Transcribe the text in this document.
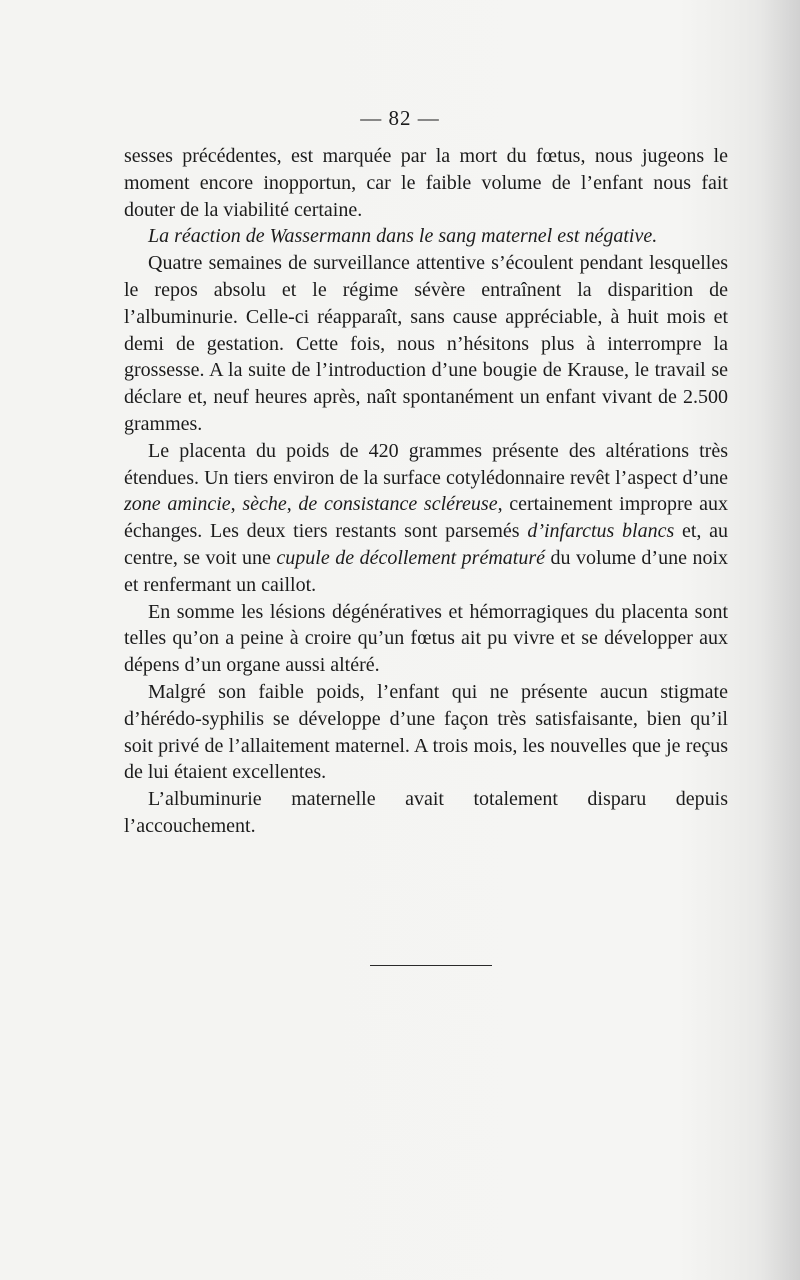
— 82 —

sesses précédentes, est marquée par la mort du fœtus, nous jugeons le moment encore inopportun, car le faible volume de l’enfant nous fait douter de la viabilité certaine.

La réaction de Wassermann dans le sang maternel est négative.

Quatre semaines de surveillance attentive s’écoulent pendant lesquelles le repos absolu et le régime sévère entraînent la disparition de l’albuminurie. Celle-ci réapparaît, sans cause appréciable, à huit mois et demi de gestation. Cette fois, nous n’hésitons plus à interrompre la grossesse. A la suite de l’introduction d’une bougie de Krause, le travail se déclare et, neuf heures après, naît spontanément un enfant vivant de 2.500 grammes.

Le placenta du poids de 420 grammes présente des altérations très étendues. Un tiers environ de la surface cotylédonnaire revêt l’aspect d’une zone amincie, sèche, de consistance scléreuse, certainement impropre aux échanges. Les deux tiers restants sont parsemés d’infarctus blancs et, au centre, se voit une cupule de décollement prématuré du volume d’une noix et renfermant un caillot.

En somme les lésions dégénératives et hémorragiques du placenta sont telles qu’on a peine à croire qu’un fœtus ait pu vivre et se développer aux dépens d’un organe aussi altéré.

Malgré son faible poids, l’enfant qui ne présente aucun stigmate d’hérédo-syphilis se développe d’une façon très satisfaisante, bien qu’il soit privé de l’allaitement maternel. A trois mois, les nouvelles que je reçus de lui étaient excellentes.

L’albuminurie maternelle avait totalement disparu depuis l’accouchement.
